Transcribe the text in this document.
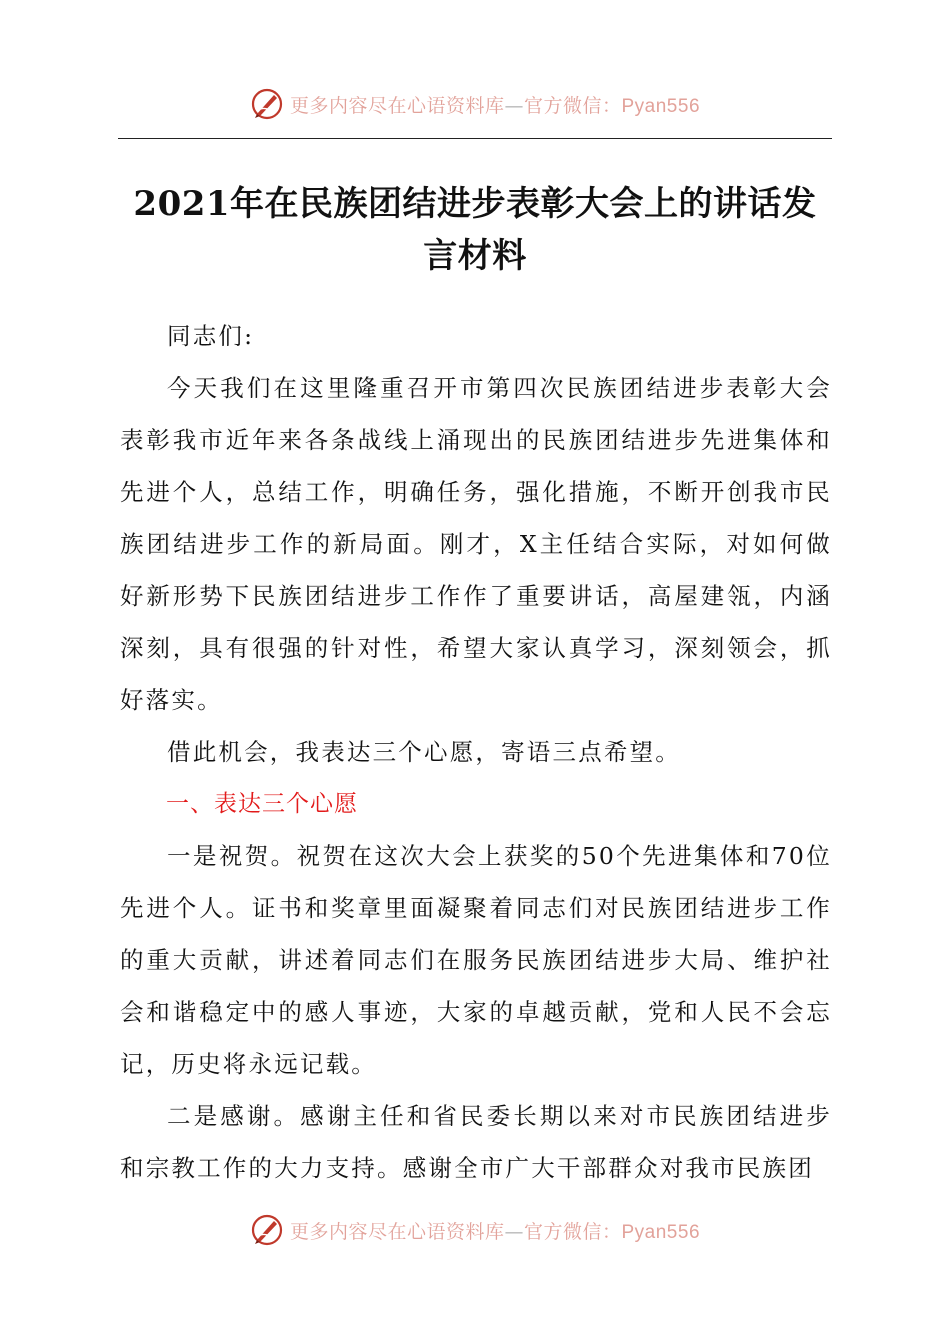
更多内容尽在心语资料库—官方微信：Pyan556
2021年在民族团结进步表彰大会上的讲话发言材料

同志们:

今天我们在这里隆重召开市第四次民族团结进步表彰大会表彰我市近年来各条战线上涌现出的民族团结进步先进集体和先进个人，总结工作，明确任务，强化措施，不断开创我市民族团结进步工作的新局面。刚才，X主任结合实际，对如何做好新形势下民族团结进步工作作了重要讲话，高屋建瓴，内涵深刻，具有很强的针对性，希望大家认真学习，深刻领会，抓好落实。

借此机会，我表达三个心愿，寄语三点希望。

一、表达三个心愿

一是祝贺。祝贺在这次大会上获奖的50个先进集体和70位先进个人。证书和奖章里面凝聚着同志们对民族团结进步工作的重大贡献，讲述着同志们在服务民族团结进步大局、维护社会和谐稳定中的感人事迹，大家的卓越贡献，党和人民不会忘记，历史将永远记载。

二是感谢。感谢主任和省民委长期以来对市民族团结进步和宗教工作的大力支持。感谢全市广大干部群众对我市民族团

更多内容尽在心语资料库—官方微信：Pyan556
